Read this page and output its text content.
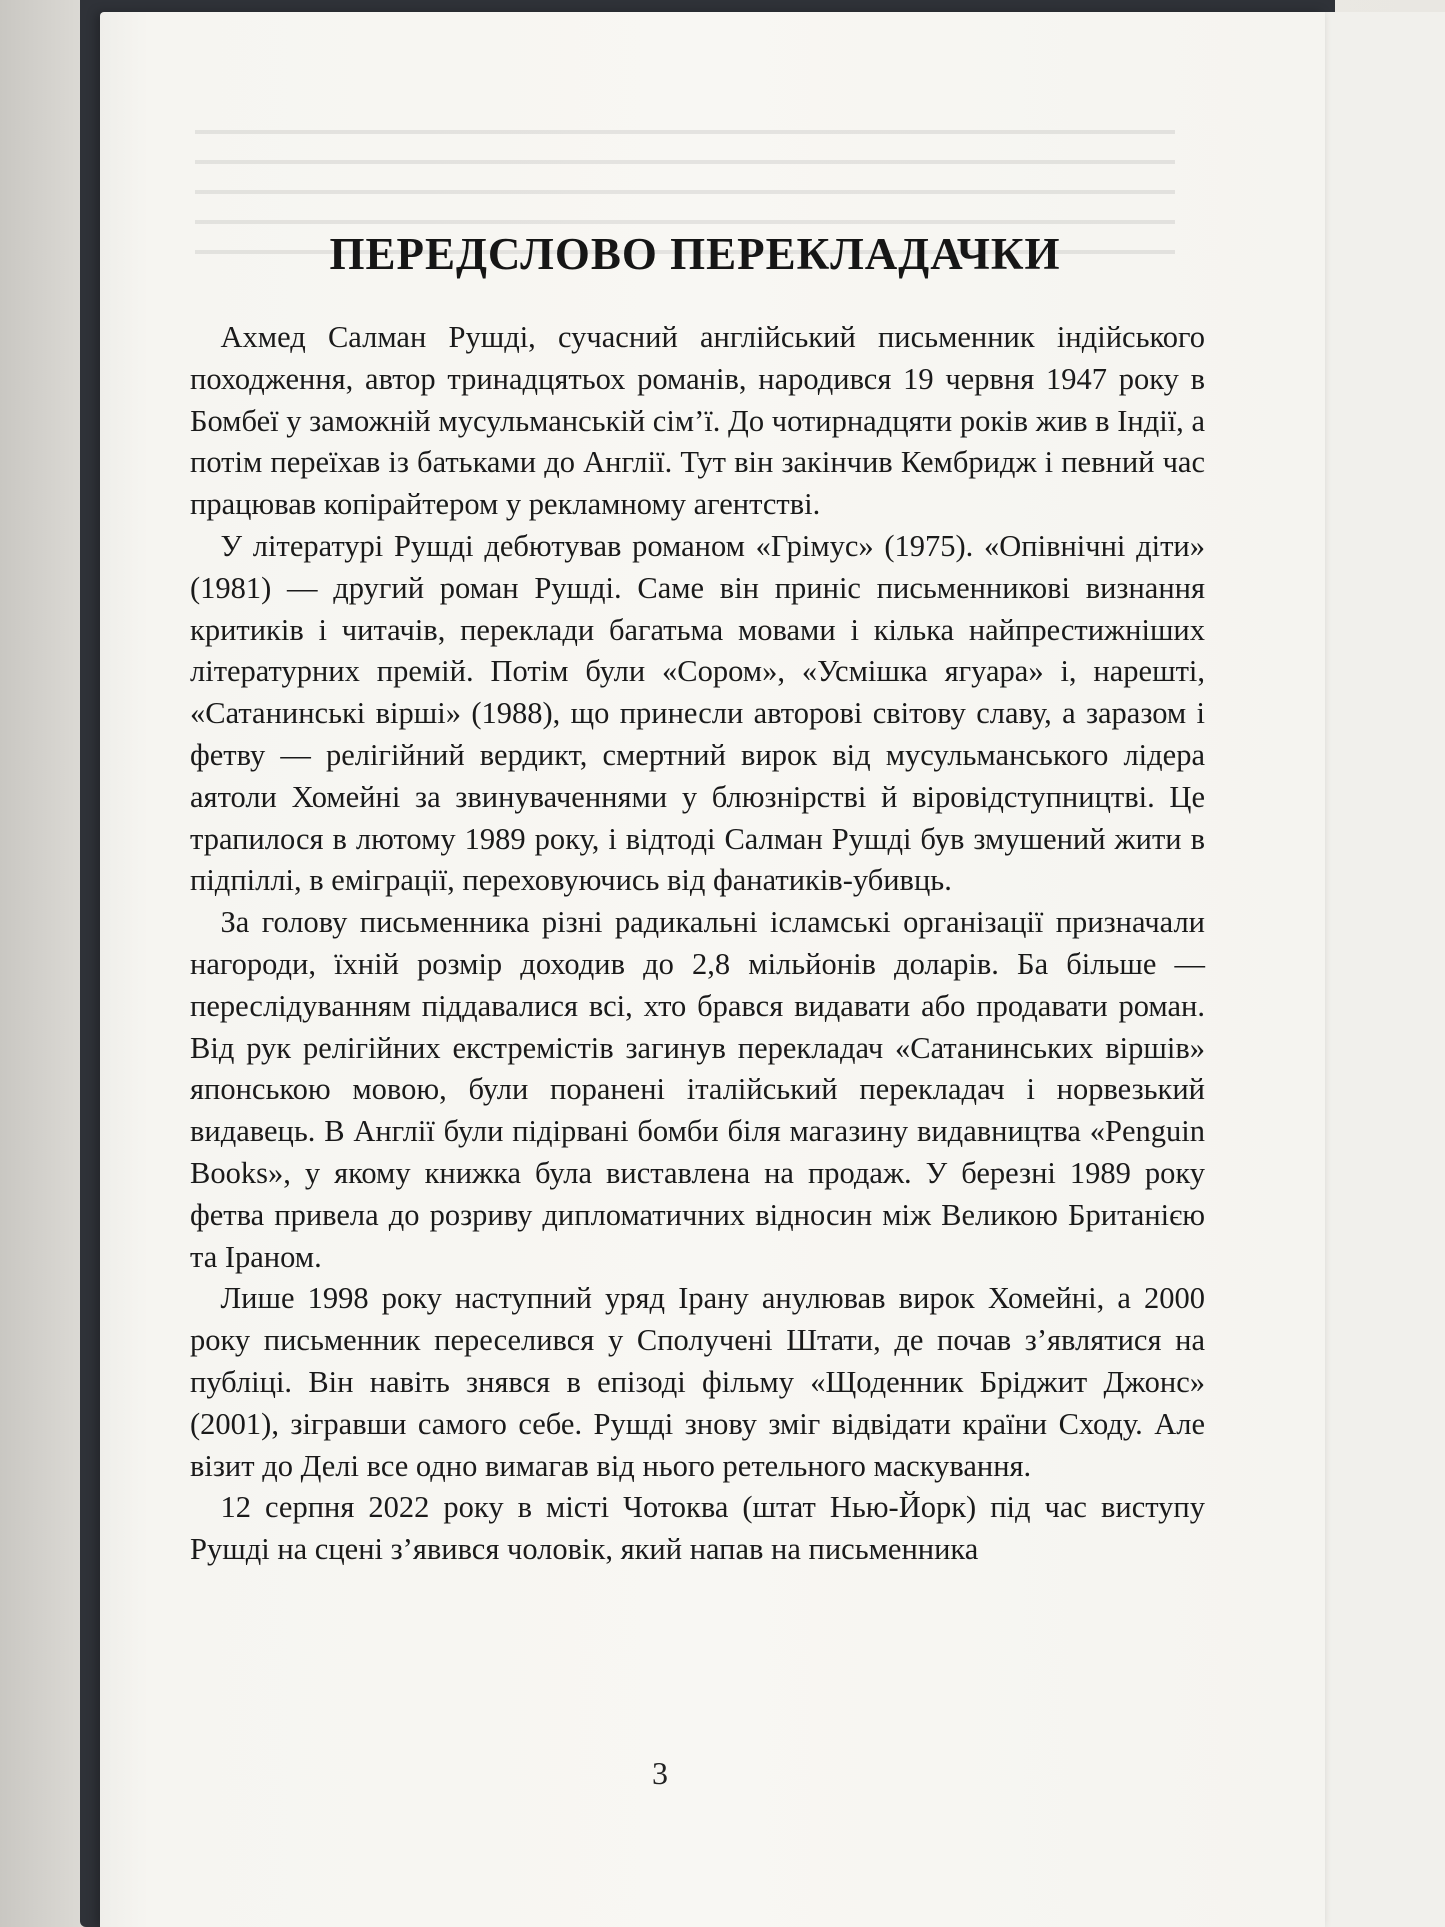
ПЕРЕДСЛОВО ПЕРЕКЛАДАЧКИ

Ахмед Салман Рушді, сучасний англійський письменник індійського походження, автор тринадцятьох романів, народився 19 червня 1947 року в Бомбеї у заможній мусульманській сім’ї. До чотирнадцяти років жив в Індії, а потім переїхав із батьками до Англії. Тут він закінчив Кембридж і певний час працював копірайтером у рекламному агентстві.

У літературі Рушді дебютував романом «Грімус» (1975). «Опівнічні діти» (1981) — другий роман Рушді. Саме він приніс письменникові визнання критиків і читачів, переклади багатьма мовами і кілька найпрестижніших літературних премій. Потім були «Сором», «Усмішка ягуара» і, нарешті, «Сатанинські вірші» (1988), що принесли авторові світову славу, а заразом і фетву — релігійний вердикт, смертний вирок від мусульманського лідера аятоли Хомейні за звинуваченнями у блюзнірстві й віровідступництві. Це трапилося в лютому 1989 року, і відтоді Салман Рушді був змушений жити в підпіллі, в еміграції, переховуючись від фанатиків-убивць.

За голову письменника різні радикальні ісламські організації призначали нагороди, їхній розмір доходив до 2,8 мільйонів доларів. Ба більше — переслідуванням піддавалися всі, хто брався видавати або продавати роман. Від рук релігійних екстремістів загинув перекладач «Сатанинських віршів» японською мовою, були поранені італійський перекладач і норвезький видавець. В Англії були підірвані бомби біля магазину видавництва «Penguin Books», у якому книжка була виставлена на продаж. У березні 1989 року фетва привела до розриву дипломатичних відносин між Великою Британією та Іраном.

Лише 1998 року наступний уряд Ірану анулював вирок Хомейні, а 2000 року письменник переселився у Сполучені Штати, де почав з’являтися на публіці. Він навіть знявся в епізоді фільму «Щоденник Бріджит Джонс» (2001), зігравши самого себе. Рушді знову зміг відвідати країни Сходу. Але візит до Делі все одно вимагав від нього ретельного маскування.

12 серпня 2022 року в місті Чотоква (штат Нью-Йорк) під час виступу Рушді на сцені з’явився чоловік, який напав на письменника

3
